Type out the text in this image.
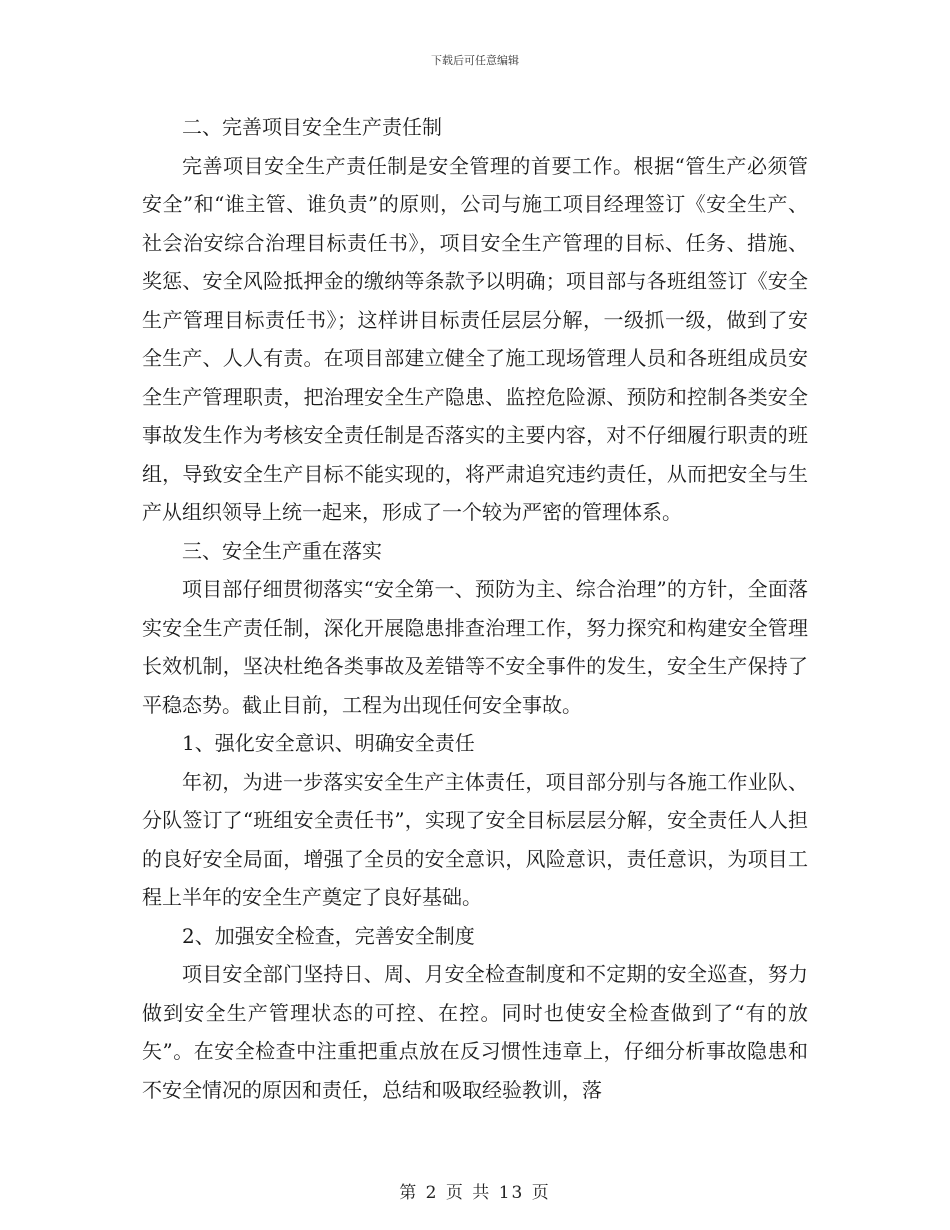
下载后可任意编辑

二、完善项目安全生产责任制

完善项目安全生产责任制是安全管理的首要工作。根据“管生产必须管安全”和“谁主管、谁负责”的原则，公司与施工项目经理签订《安全生产、社会治安综合治理目标责任书》，项目安全生产管理的目标、任务、措施、奖惩、安全风险抵押金的缴纳等条款予以明确；项目部与各班组签订《安全生产管理目标责任书》；这样讲目标责任层层分解，一级抓一级，做到了安全生产、人人有责。在项目部建立健全了施工现场管理人员和各班组成员安全生产管理职责，把治理安全生产隐患、监控危险源、预防和控制各类安全事故发生作为考核安全责任制是否落实的主要内容，对不仔细履行职责的班组，导致安全生产目标不能实现的，将严肃追究违约责任，从而把安全与生产从组织领导上统一起来，形成了一个较为严密的管理体系。

三、安全生产重在落实

项目部仔细贯彻落实“安全第一、预防为主、综合治理”的方针，全面落实安全生产责任制，深化开展隐患排查治理工作，努力探究和构建安全管理长效机制，坚决杜绝各类事故及差错等不安全事件的发生，安全生产保持了平稳态势。截止目前，工程为出现任何安全事故。

1、强化安全意识、明确安全责任

年初，为进一步落实安全生产主体责任，项目部分别与各施工作业队、分队签订了“班组安全责任书”，实现了安全目标层层分解，安全责任人人担的良好安全局面，增强了全员的安全意识，风险意识，责任意识，为项目工程上半年的安全生产奠定了良好基础。

2、加强安全检查，完善安全制度

项目安全部门坚持日、周、月安全检查制度和不定期的安全巡查，努力做到安全生产管理状态的可控、在控。同时也使安全检查做到了“有的放矢”。在安全检查中注重把重点放在反习惯性违章上，仔细分析事故隐患和不安全情况的原因和责任，总结和吸取经验教训，落

第 2 页 共 13 页
